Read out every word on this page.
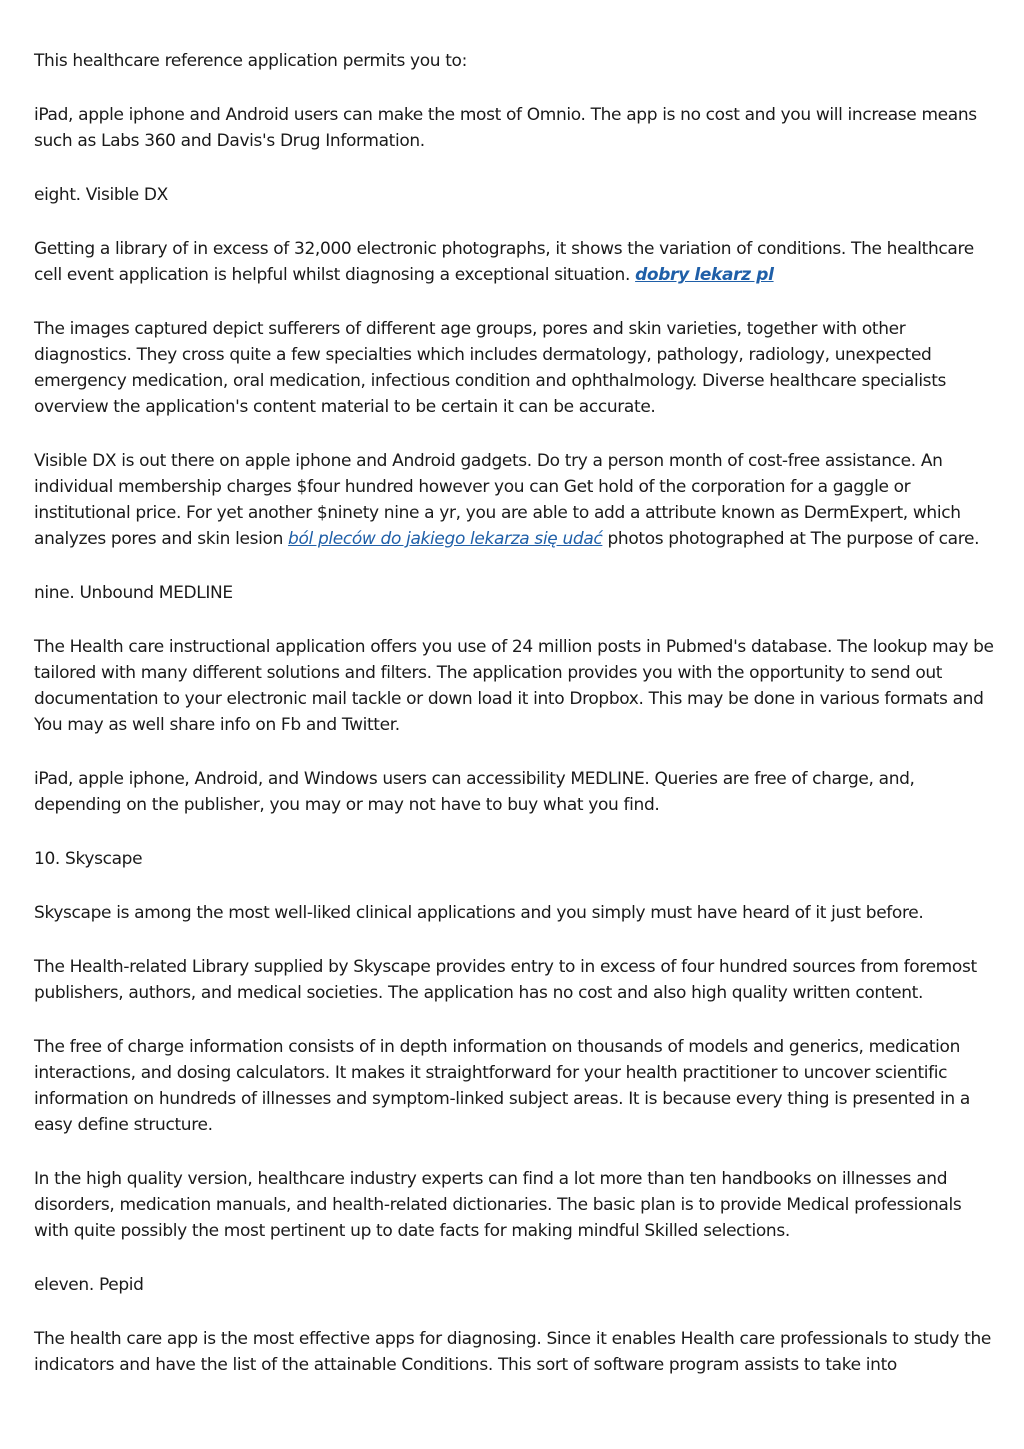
This healthcare reference application permits you to:

iPad, apple iphone and Android users can make the most of Omnio. The app is no cost and you will increase means such as Labs 360 and Davis's Drug Information.

eight. Visible DX

Getting a library of in excess of 32,000 electronic photographs, it shows the variation of conditions. The healthcare cell event application is helpful whilst diagnosing a exceptional situation. dobry lekarz pl

The images captured depict sufferers of different age groups, pores and skin varieties, together with other diagnostics. They cross quite a few specialties which includes dermatology, pathology, radiology, unexpected emergency medication, oral medication, infectious condition and ophthalmology. Diverse healthcare specialists overview the application's content material to be certain it can be accurate.

Visible DX is out there on apple iphone and Android gadgets. Do try a person month of cost-free assistance. An individual membership charges $four hundred however you can Get hold of the corporation for a gaggle or institutional price. For yet another $ninety nine a yr, you are able to add a attribute known as DermExpert, which analyzes pores and skin lesion ból pleców do jakiego lekarza się udać photos photographed at The purpose of care.

nine. Unbound MEDLINE

The Health care instructional application offers you use of 24 million posts in Pubmed's database. The lookup may be tailored with many different solutions and filters. The application provides you with the opportunity to send out documentation to your electronic mail tackle or down load it into Dropbox. This may be done in various formats and You may as well share info on Fb and Twitter.

iPad, apple iphone, Android, and Windows users can accessibility MEDLINE. Queries are free of charge, and, depending on the publisher, you may or may not have to buy what you find.

10. Skyscape

Skyscape is among the most well-liked clinical applications and you simply must have heard of it just before.

The Health-related Library supplied by Skyscape provides entry to in excess of four hundred sources from foremost publishers, authors, and medical societies. The application has no cost and also high quality written content.

The free of charge information consists of in depth information on thousands of models and generics, medication interactions, and dosing calculators. It makes it straightforward for your health practitioner to uncover scientific information on hundreds of illnesses and symptom-linked subject areas. It is because every thing is presented in a easy define structure.

In the high quality version, healthcare industry experts can find a lot more than ten handbooks on illnesses and disorders, medication manuals, and health-related dictionaries. The basic plan is to provide Medical professionals with quite possibly the most pertinent up to date facts for making mindful Skilled selections.

eleven. Pepid

The health care app is the most effective apps for diagnosing. Since it enables Health care professionals to study the indicators and have the list of the attainable Conditions. This sort of software program assists to take into
